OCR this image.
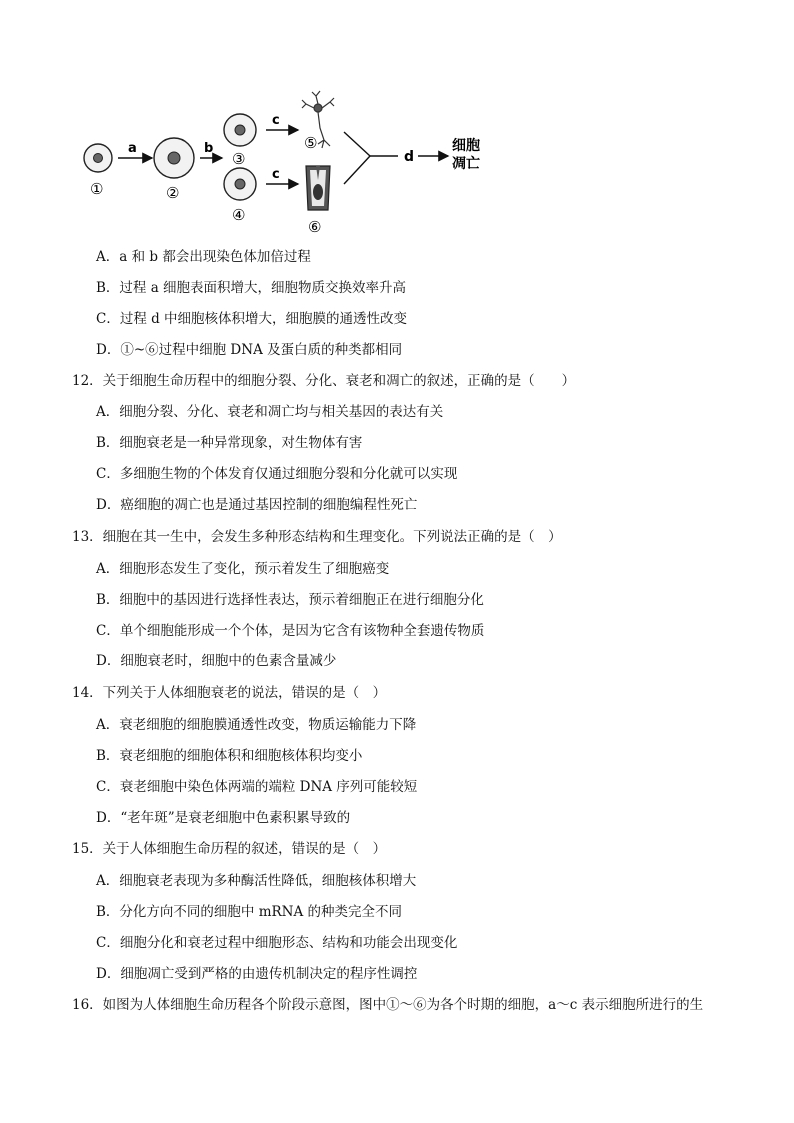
①
a
②
b
③
④
c
c
⑤
⑥
d
细胞
凋亡
A．a 和 b 都会出现染色体加倍过程
B．过程 a 细胞表面积增大，细胞物质交换效率升高
C．过程 d 中细胞核体积增大，细胞膜的通透性改变
D．①~⑥过程中细胞 DNA 及蛋白质的种类都相同
12．关于细胞生命历程中的细胞分裂、分化、衰老和凋亡的叙述，正确的是（　　）
A．细胞分裂、分化、衰老和凋亡均与相关基因的表达有关
B．细胞衰老是一种异常现象，对生物体有害
C．多细胞生物的个体发育仅通过细胞分裂和分化就可以实现
D．癌细胞的凋亡也是通过基因控制的细胞编程性死亡
13．细胞在其一生中，会发生多种形态结构和生理变化。下列说法正确的是（　）
A．细胞形态发生了变化，预示着发生了细胞癌变
B．细胞中的基因进行选择性表达，预示着细胞正在进行细胞分化
C．单个细胞能形成一个个体，是因为它含有该物种全套遗传物质
D．细胞衰老时，细胞中的色素含量减少
14．下列关于人体细胞衰老的说法，错误的是（　）
A．衰老细胞的细胞膜通透性改变，物质运输能力下降
B．衰老细胞的细胞体积和细胞核体积均变小
C．衰老细胞中染色体两端的端粒 DNA 序列可能较短
D．“老年斑”是衰老细胞中色素积累导致的
15．关于人体细胞生命历程的叙述，错误的是（　）
A．细胞衰老表现为多种酶活性降低，细胞核体积增大
B．分化方向不同的细胞中 mRNA 的种类完全不同
C．细胞分化和衰老过程中细胞形态、结构和功能会出现变化
D．细胞凋亡受到严格的由遗传机制决定的程序性调控
16．如图为人体细胞生命历程各个阶段示意图，图中①～⑥为各个时期的细胞，a～c 表示细胞所进行的生
